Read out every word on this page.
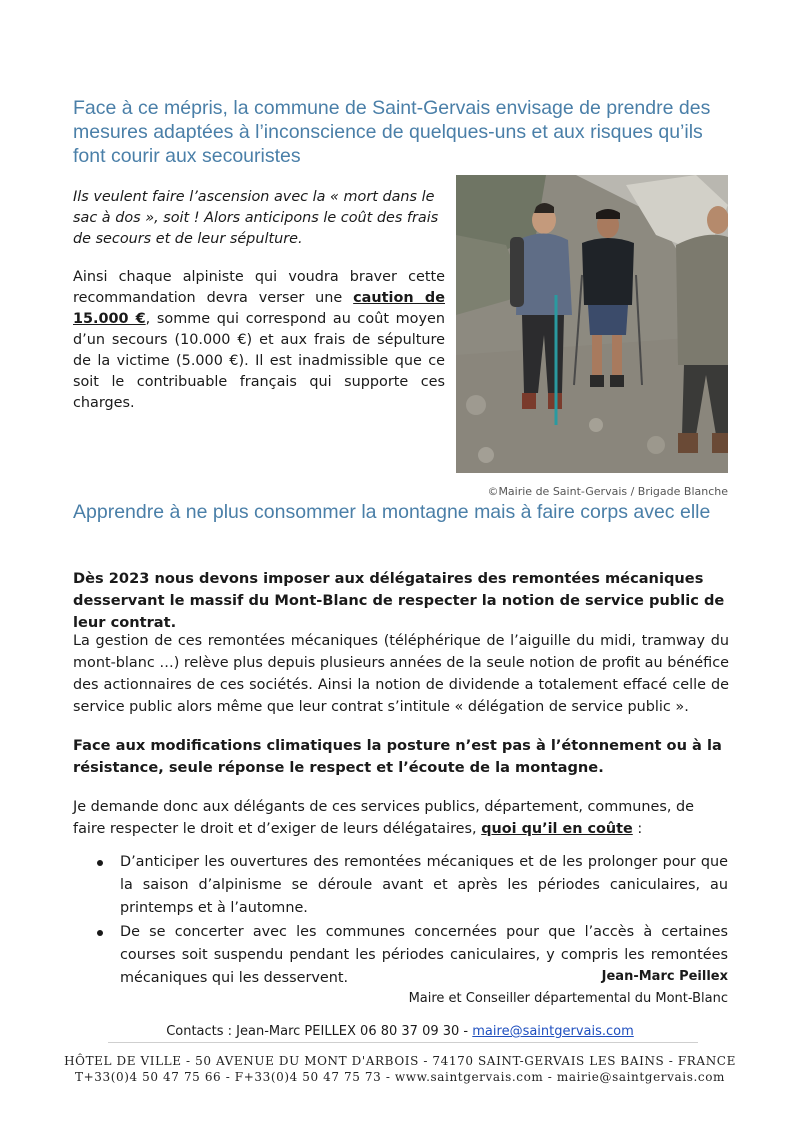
Face à ce mépris, la commune de Saint-Gervais envisage de prendre des mesures adaptées à l’inconscience de quelques-uns et aux risques qu’ils font courir aux secouristes

Ils veulent faire l’ascension avec la « mort dans le sac à dos », soit ! Alors anticipons le coût des frais de secours et de leur sépulture.

Ainsi chaque alpiniste qui voudra braver cette recommandation devra verser une caution de 15.000 €, somme qui correspond au coût moyen d’un secours (10.000 €) et aux frais de sépulture de la victime (5.000 €). Il est inadmissible que ce soit le contribuable français qui supporte ces charges.

©Mairie de Saint-Gervais / Brigade Blanche
Apprendre à ne plus consommer la montagne mais à faire corps avec elle

Dès 2023 nous devons imposer aux délégataires des remontées mécaniques desservant le massif du Mont-Blanc de respecter la notion de service public de leur contrat.

La gestion de ces remontées mécaniques (téléphérique de l’aiguille du midi, tramway du mont-blanc …) relève plus depuis plusieurs années de la seule notion de profit au bénéfice des actionnaires de ces sociétés. Ainsi la notion de dividende a totalement effacé celle de service public alors même que leur contrat s’intitule « délégation de service public ».

Face aux modifications climatiques la posture n’est pas à l’étonnement ou à la résistance, seule réponse le respect et l’écoute de la montagne.

Je demande donc aux délégants de ces services publics, département, communes, de faire respecter le droit et d’exiger de leurs délégataires, quoi qu’il en coûte :

D’anticiper les ouvertures des remontées mécaniques et de les prolonger pour que la saison d’alpinisme se déroule avant et après les périodes caniculaires, au printemps et à l’automne.
De se concerter avec les communes concernées pour que l’accès à certaines courses soit suspendu pendant les périodes caniculaires, y compris les remontées mécaniques qui les desservent.	Jean-Marc Peillex
Maire et Conseiller départemental du Mont-Blanc
Contacts : Jean-Marc PEILLEX 06 80 37 09 30 - maire@saintgervais.com
HÔTEL DE VILLE - 50 AVENUE DU MONT D'ARBOIS - 74170 SAINT-GERVAIS LES BAINS - FRANCE
T+33(0)4 50 47 75 66 - F+33(0)4 50 47 75 73 - www.saintgervais.com - mairie@saintgervais.com
